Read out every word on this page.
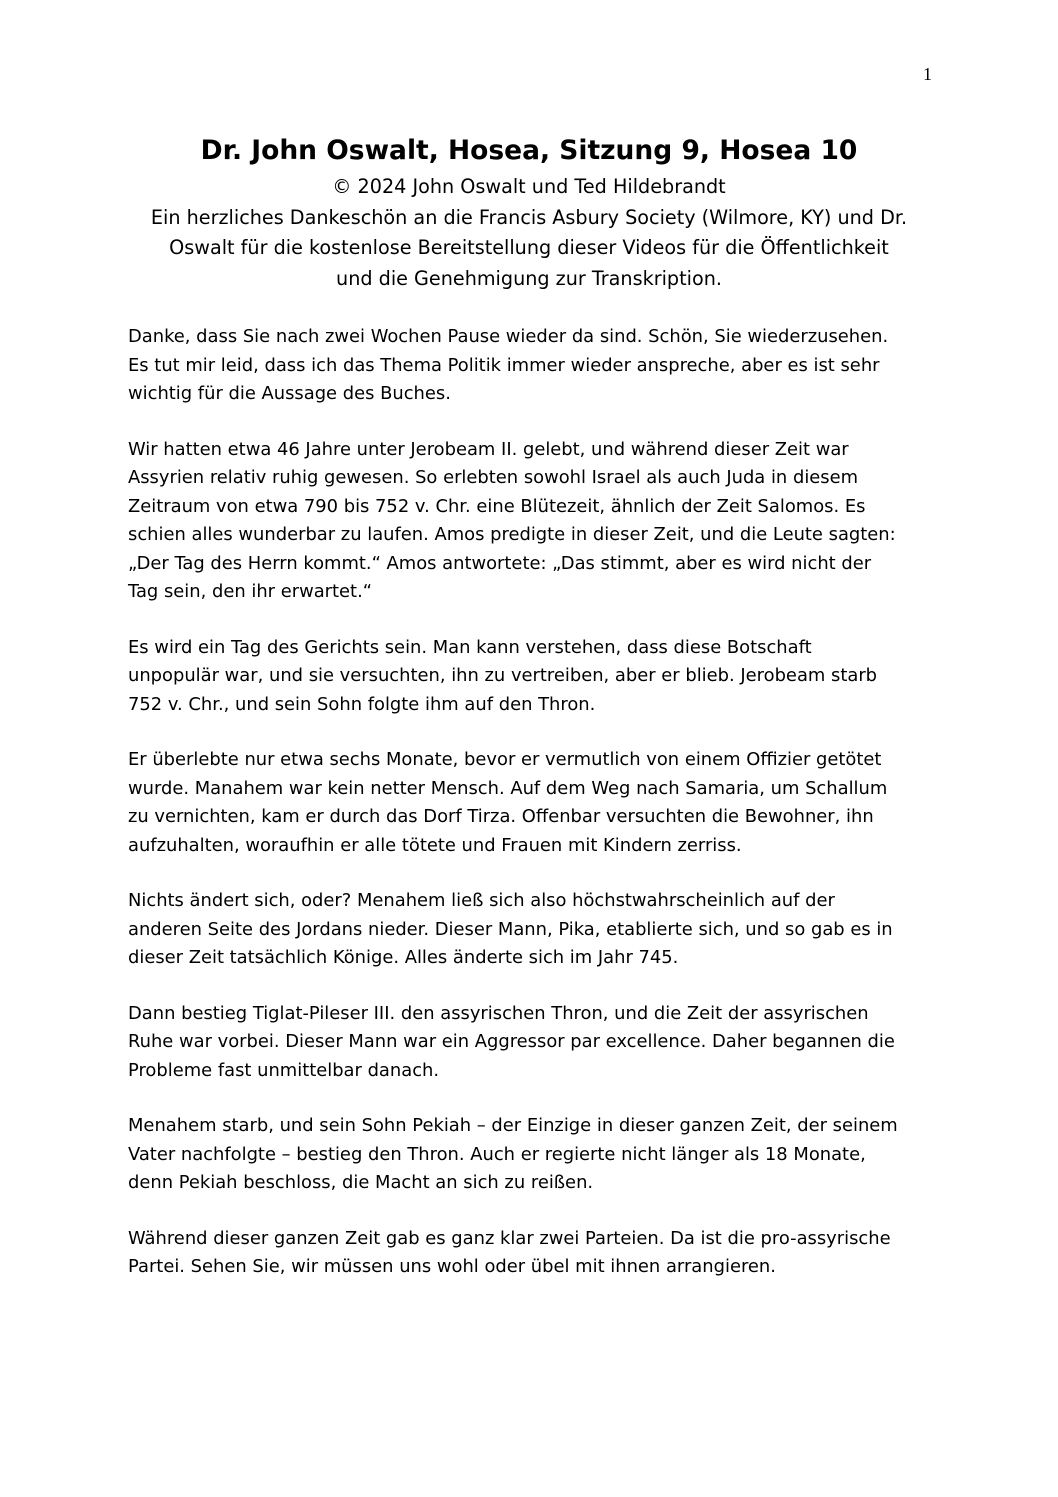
1
Dr. John Oswalt, Hosea, Sitzung 9, Hosea 10

© 2024 John Oswalt und Ted Hildebrandt

Ein herzliches Dankeschön an die Francis Asbury Society (Wilmore, KY) und Dr.

Oswalt für die kostenlose Bereitstellung dieser Videos für die Öffentlichkeit

und die Genehmigung zur Transkription.

Danke, dass Sie nach zwei Wochen Pause wieder da sind. Schön, Sie wiederzusehen.
Es tut mir leid, dass ich das Thema Politik immer wieder anspreche, aber es ist sehr
wichtig für die Aussage des Buches.

Wir hatten etwa 46 Jahre unter Jerobeam II. gelebt, und während dieser Zeit war
Assyrien relativ ruhig gewesen. So erlebten sowohl Israel als auch Juda in diesem
Zeitraum von etwa 790 bis 752 v. Chr. eine Blütezeit, ähnlich der Zeit Salomos. Es
schien alles wunderbar zu laufen. Amos predigte in dieser Zeit, und die Leute sagten:
„Der Tag des Herrn kommt.“ Amos antwortete: „Das stimmt, aber es wird nicht der
Tag sein, den ihr erwartet.“

Es wird ein Tag des Gerichts sein. Man kann verstehen, dass diese Botschaft
unpopulär war, und sie versuchten, ihn zu vertreiben, aber er blieb. Jerobeam starb
752 v. Chr., und sein Sohn folgte ihm auf den Thron.

Er überlebte nur etwa sechs Monate, bevor er vermutlich von einem Offizier getötet
wurde. Manahem war kein netter Mensch. Auf dem Weg nach Samaria, um Schallum
zu vernichten, kam er durch das Dorf Tirza. Offenbar versuchten die Bewohner, ihn
aufzuhalten, woraufhin er alle tötete und Frauen mit Kindern zerriss.

Nichts ändert sich, oder? Menahem ließ sich also höchstwahrscheinlich auf der
anderen Seite des Jordans nieder. Dieser Mann, Pika, etablierte sich, und so gab es in
dieser Zeit tatsächlich Könige. Alles änderte sich im Jahr 745.

Dann bestieg Tiglat-Pileser III. den assyrischen Thron, und die Zeit der assyrischen
Ruhe war vorbei. Dieser Mann war ein Aggressor par excellence. Daher begannen die
Probleme fast unmittelbar danach.

Menahem starb, und sein Sohn Pekiah – der Einzige in dieser ganzen Zeit, der seinem
Vater nachfolgte – bestieg den Thron. Auch er regierte nicht länger als 18 Monate,
denn Pekiah beschloss, die Macht an sich zu reißen.

Während dieser ganzen Zeit gab es ganz klar zwei Parteien. Da ist die pro-assyrische
Partei. Sehen Sie, wir müssen uns wohl oder übel mit ihnen arrangieren.
